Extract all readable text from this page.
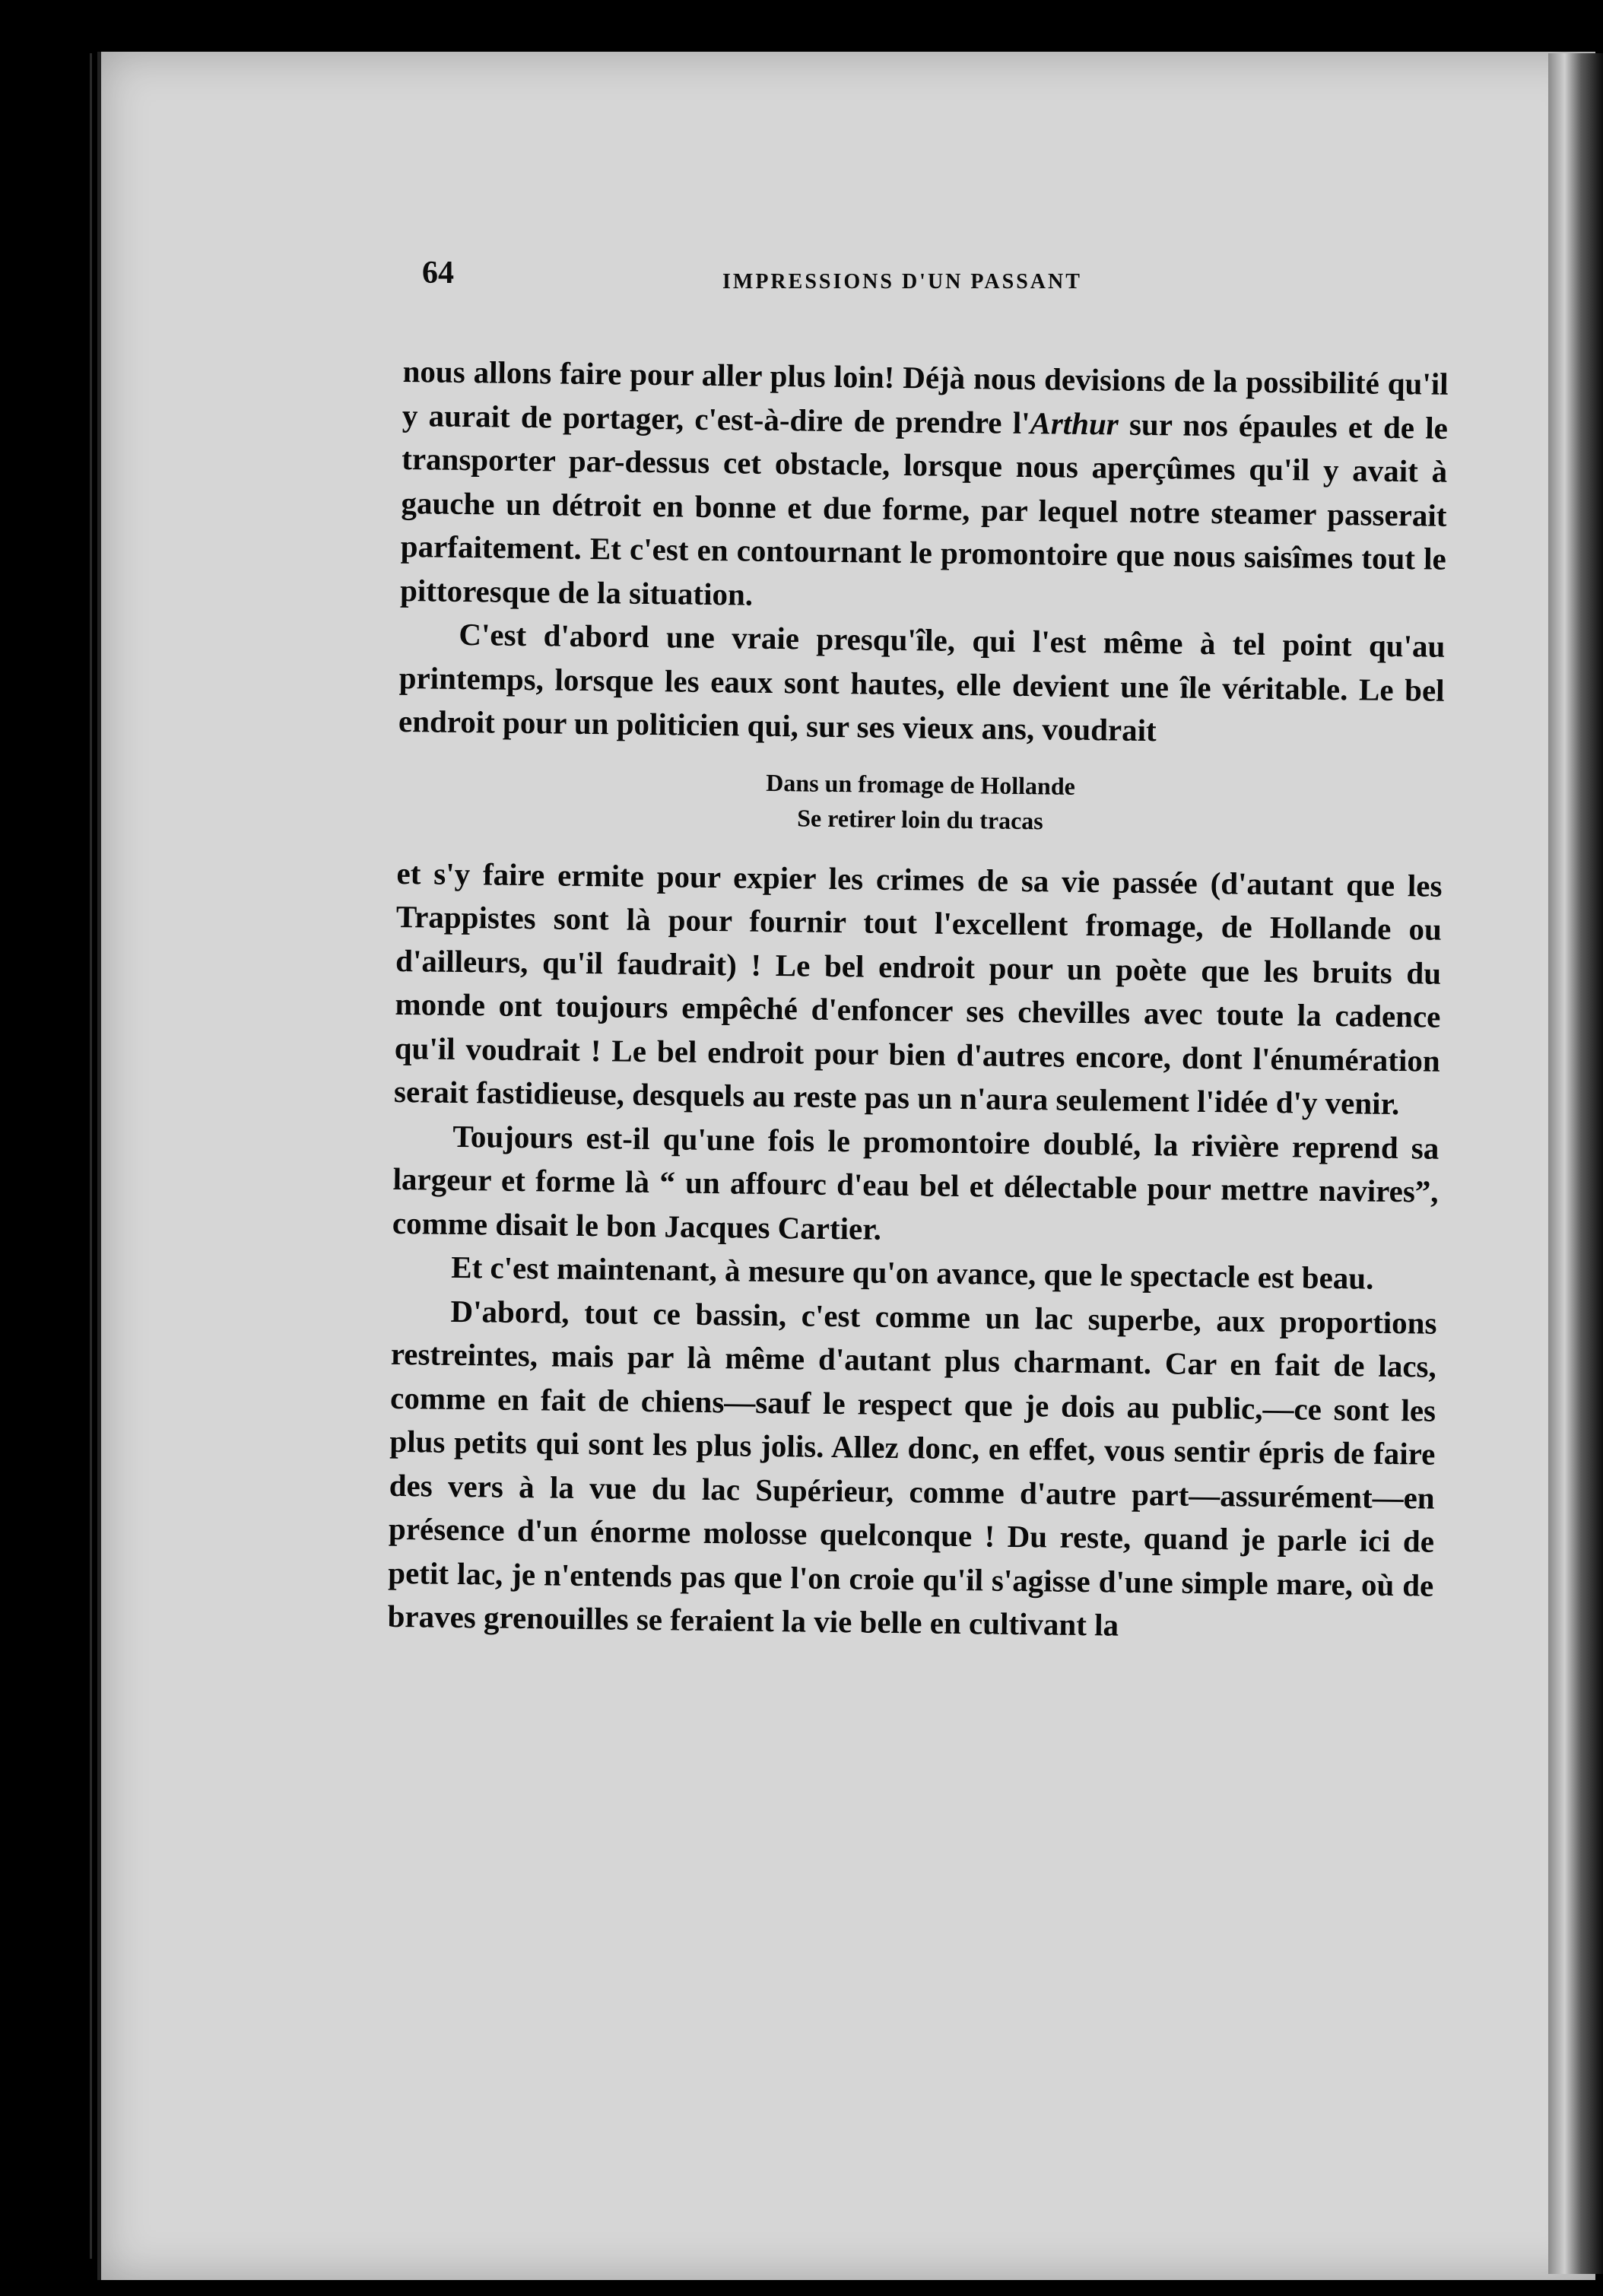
64	IMPRESSIONS D'UN PASSANT

nous allons faire pour aller plus loin! Déjà nous devisions de la possibilité qu'il y aurait de portager, c'est-à-dire de prendre l'Arthur sur nos épaules et de le transporter par-dessus cet obstacle, lorsque nous aperçûmes qu'il y avait à gauche un détroit en bonne et due forme, par lequel notre steamer passerait parfaitement. Et c'est en contournant le promontoire que nous saisîmes tout le pittoresque de la situation.

C'est d'abord une vraie presqu'île, qui l'est même à tel point qu'au printemps, lorsque les eaux sont hautes, elle devient une île véritable. Le bel endroit pour un politicien qui, sur ses vieux ans, voudrait

Dans un fromage de Hollande
Se retirer loin du tracas

et s'y faire ermite pour expier les crimes de sa vie passée (d'autant que les Trappistes sont là pour fournir tout l'excellent fromage, de Hollande ou d'ailleurs, qu'il faudrait) ! Le bel endroit pour un poète que les bruits du monde ont toujours empêché d'enfoncer ses chevilles avec toute la cadence qu'il voudrait ! Le bel endroit pour bien d'autres encore, dont l'énumération serait fastidieuse, desquels au reste pas un n'aura seulement l'idée d'y venir.

Toujours est-il qu'une fois le promontoire doublé, la rivière reprend sa largeur et forme là “ un affourc d'eau bel et délectable pour mettre navires”, comme disait le bon Jacques Cartier.

Et c'est maintenant, à mesure qu'on avance, que le spectacle est beau.

D'abord, tout ce bassin, c'est comme un lac superbe, aux proportions restreintes, mais par là même d'autant plus charmant. Car en fait de lacs, comme en fait de chiens—sauf le respect que je dois au public,—ce sont les plus petits qui sont les plus jolis. Allez donc, en effet, vous sentir épris de faire des vers à la vue du lac Supérieur, comme d'autre part—assurément—en présence d'un énorme molosse quelconque ! Du reste, quand je parle ici de petit lac, je n'entends pas que l'on croie qu'il s'agisse d'une simple mare, où de braves grenouilles se feraient la vie belle en cultivant la
